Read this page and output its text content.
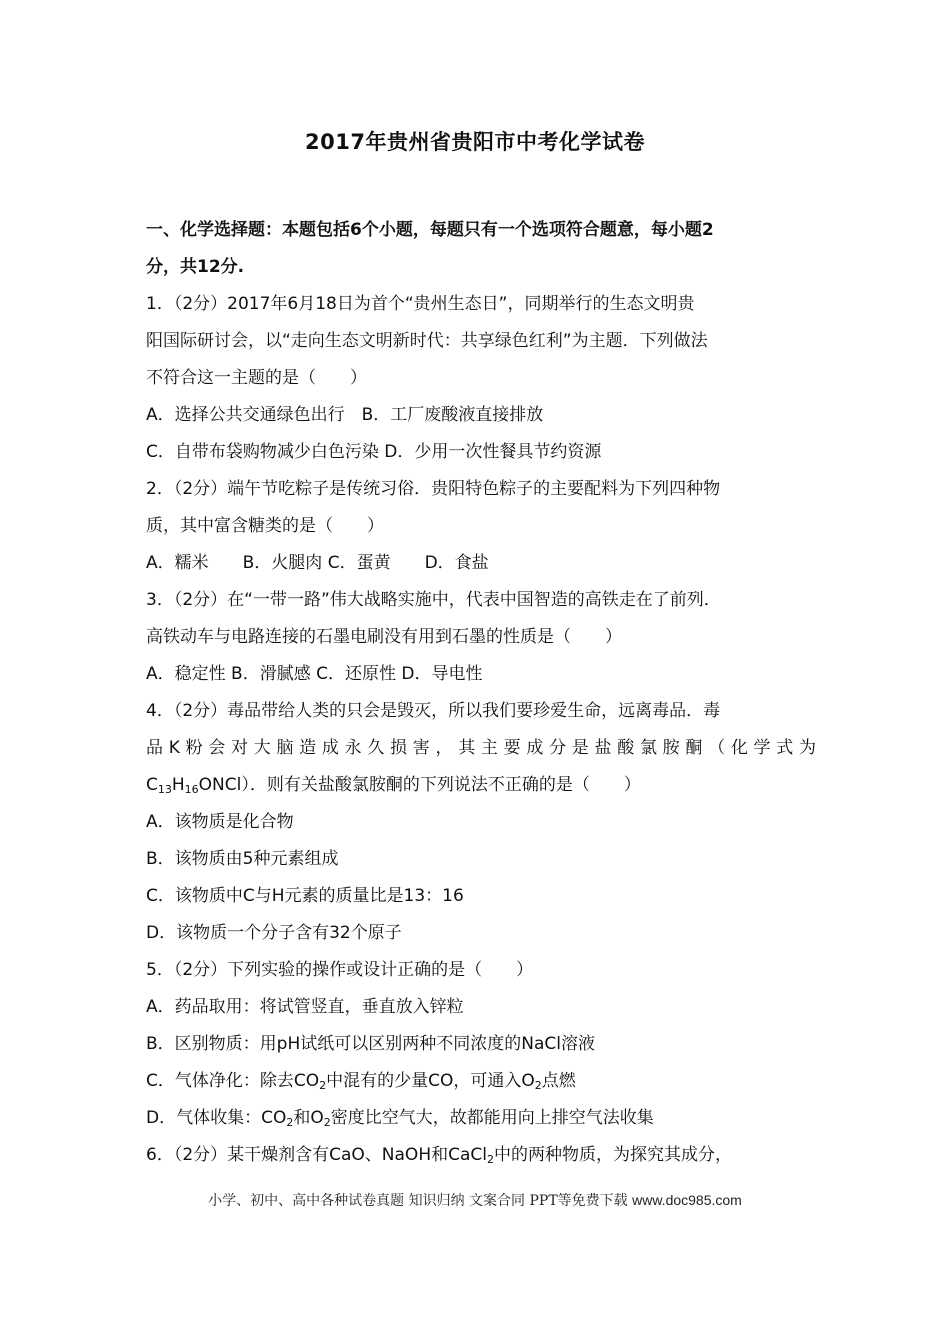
2017年贵州省贵阳市中考化学试卷
一、化学选择题：本题包括6个小题，每题只有一个选项符合题意，每小题2
分，共12分.
1．（2分）2017年6月18日为首个“贵州生态日”，同期举行的生态文明贵
阳国际研讨会，以“走向生态文明新时代：共享绿色红利”为主题．下列做法
不符合这一主题的是（　　）
A．选择公共交通绿色出行　B．工厂废酸液直接排放
C．自带布袋购物减少白色污染 D．少用一次性餐具节约资源
2．（2分）端午节吃粽子是传统习俗．贵阳特色粽子的主要配料为下列四种物
质，其中富含糖类的是（　　）
A．糯米　　B．火腿肉 C．蛋黄　　D．食盐
3．（2分）在“一带一路”伟大战略实施中，代表中国智造的高铁走在了前列．
高铁动车与电路连接的石墨电刷没有用到石墨的性质是（　　）
A．稳定性 B．滑腻感 C．还原性 D．导电性
4．（2分）毒品带给人类的只会是毁灭，所以我们要珍爱生命，远离毒品．毒
品K粉会对大脑造成永久损害，其主要成分是盐酸氯胺酮（化学式为
$C_{13}H_{16}ONCl$）．则有关盐酸氯胺酮的下列说法不正确的是（　　）
A．该物质是化合物
B．该物质由5种元素组成
C．该物质中C与H元素的质量比是13：16
D．该物质一个分子含有32个原子
5．（2分）下列实验的操作或设计正确的是（　　）
A．药品取用：将试管竖直，垂直放入锌粒
B．区别物质：用pH试纸可以区别两种不同浓度的NaCl溶液
C．气体净化：除去$CO_2$中混有的少量CO，可通入$O_2$点燃
D．气体收集：$CO_2$和$O_2$密度比空气大，故都能用向上排空气法收集
6．（2分）某干燥剂含有CaO、NaOH和CaCl$_2$中的两种物质，为探究其成分，
小学、初中、高中各种试卷真题 知识归纳 文案合同 PPT等免费下载 www.doc985.com
